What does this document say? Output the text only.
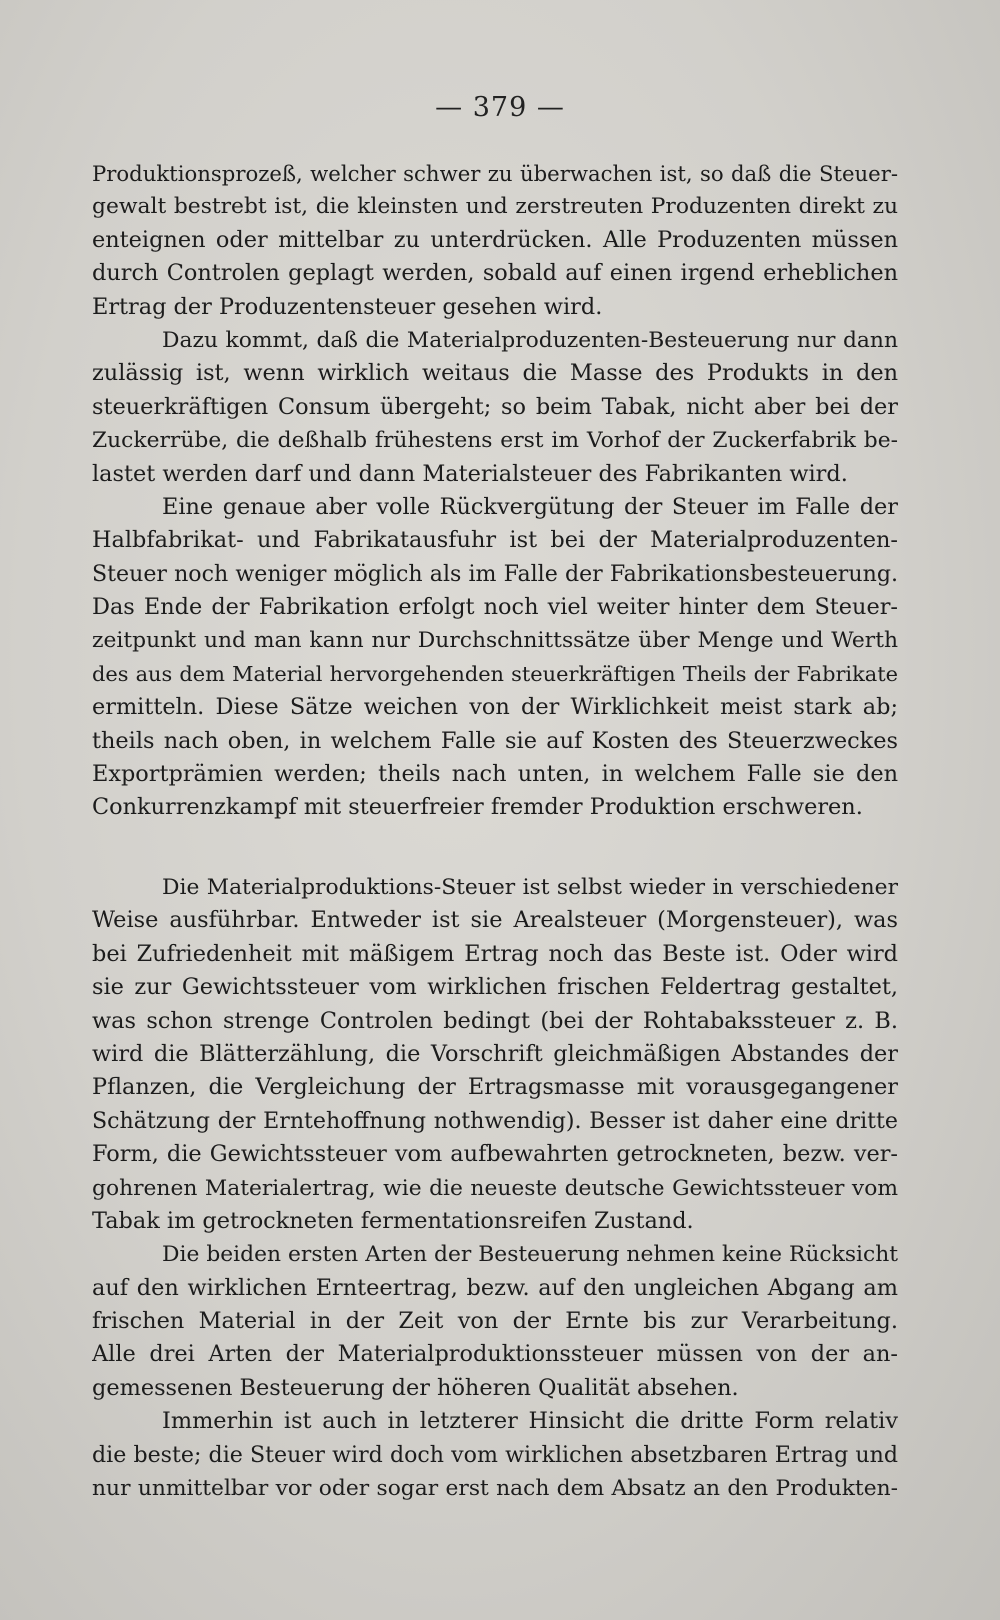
— 379 —
Produktionsprozeß, welcher schwer zu überwachen ist, so daß die Steuer-
gewalt bestrebt ist, die kleinsten und zerstreuten Produzenten direkt zu
enteignen oder mittelbar zu unterdrücken. Alle Produzenten müssen
durch Controlen geplagt werden, sobald auf einen irgend erheblichen
Ertrag der Produzentensteuer gesehen wird.
Dazu kommt, daß die Materialproduzenten-Besteuerung nur dann
zulässig ist, wenn wirklich weitaus die Masse des Produkts in den
steuerkräftigen Consum übergeht; so beim Tabak, nicht aber bei der
Zuckerrübe, die deßhalb frühestens erst im Vorhof der Zuckerfabrik be-
lastet werden darf und dann Materialsteuer des Fabrikanten wird.
Eine genaue aber volle Rückvergütung der Steuer im Falle der
Halbfabrikat- und Fabrikatausfuhr ist bei der Materialproduzenten-
Steuer noch weniger möglich als im Falle der Fabrikationsbesteuerung.
Das Ende der Fabrikation erfolgt noch viel weiter hinter dem Steuer-
zeitpunkt und man kann nur Durchschnittssätze über Menge und Werth
des aus dem Material hervorgehenden steuerkräftigen Theils der Fabrikate
ermitteln. Diese Sätze weichen von der Wirklichkeit meist stark ab;
theils nach oben, in welchem Falle sie auf Kosten des Steuerzweckes
Exportprämien werden; theils nach unten, in welchem Falle sie den
Conkurrenzkampf mit steuerfreier fremder Produktion erschweren.
Die Materialproduktions-Steuer ist selbst wieder in verschiedener
Weise ausführbar. Entweder ist sie Arealsteuer (Morgensteuer), was
bei Zufriedenheit mit mäßigem Ertrag noch das Beste ist. Oder wird
sie zur Gewichtssteuer vom wirklichen frischen Feldertrag gestaltet,
was schon strenge Controlen bedingt (bei der Rohtabakssteuer z. B.
wird die Blätterzählung, die Vorschrift gleichmäßigen Abstandes der
Pflanzen, die Vergleichung der Ertragsmasse mit vorausgegangener
Schätzung der Erntehoffnung nothwendig). Besser ist daher eine dritte
Form, die Gewichtssteuer vom aufbewahrten getrockneten, bezw. ver-
gohrenen Materialertrag, wie die neueste deutsche Gewichtssteuer vom
Tabak im getrockneten fermentationsreifen Zustand.
Die beiden ersten Arten der Besteuerung nehmen keine Rücksicht
auf den wirklichen Ernteertrag, bezw. auf den ungleichen Abgang am
frischen Material in der Zeit von der Ernte bis zur Verarbeitung.
Alle drei Arten der Materialproduktionssteuer müssen von der an-
gemessenen Besteuerung der höheren Qualität absehen.
Immerhin ist auch in letzterer Hinsicht die dritte Form relativ
die beste; die Steuer wird doch vom wirklichen absetzbaren Ertrag und
nur unmittelbar vor oder sogar erst nach dem Absatz an den Produkten-
